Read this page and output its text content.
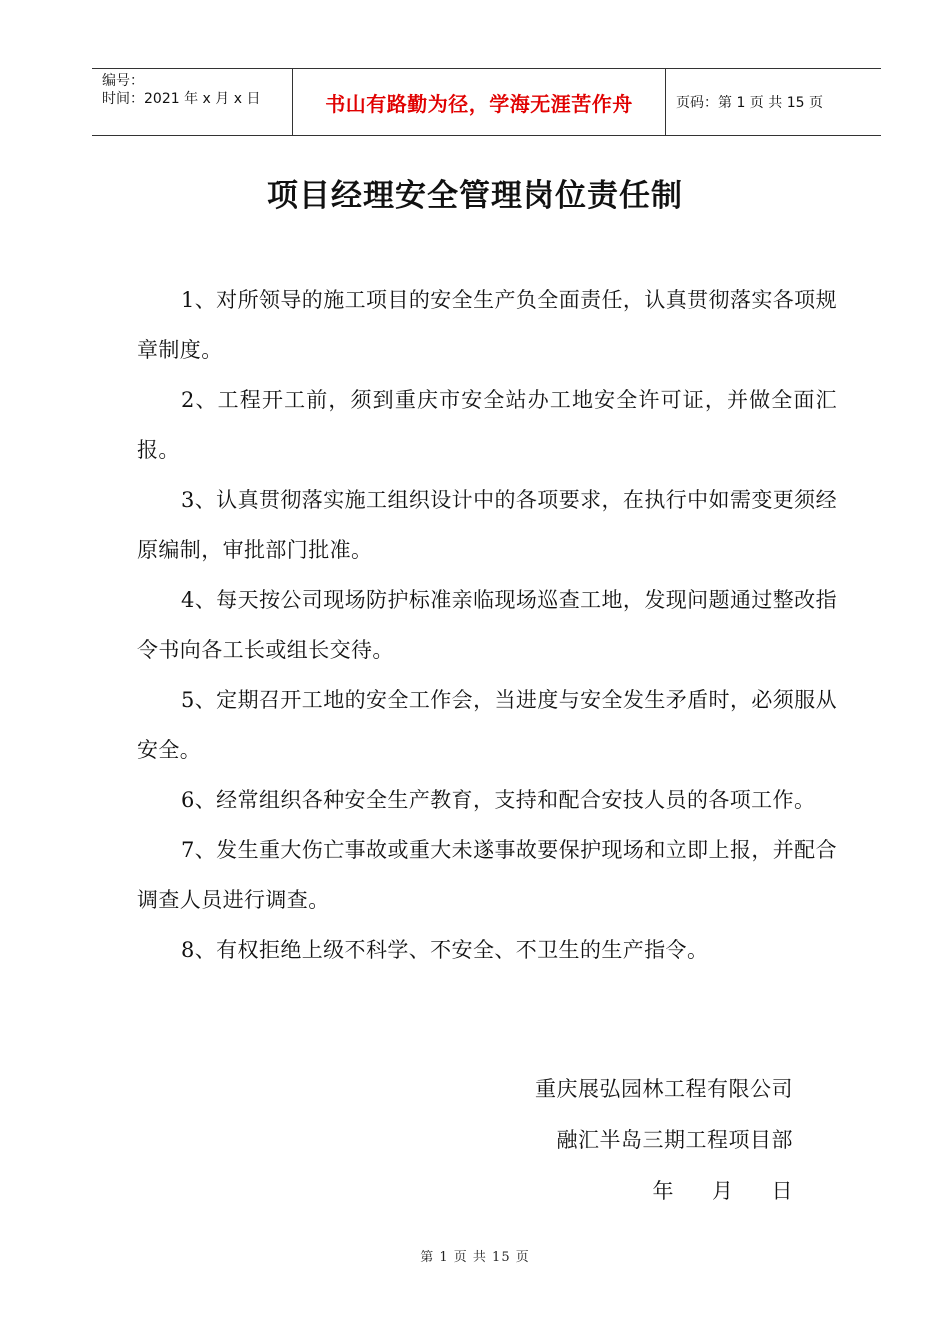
编号：
时间：2021 年 x 月 x 日	书山有路勤为径，学海无涯苦作舟	页码：第 1 页 共 15 页
项目经理安全管理岗位责任制

1、对所领导的施工项目的安全生产负全面责任，认真贯彻落实各项规章制度。

2、工程开工前，须到重庆市安全站办工地安全许可证，并做全面汇报。

3、认真贯彻落实施工组织设计中的各项要求，在执行中如需变更须经原编制，审批部门批准。

4、每天按公司现场防护标准亲临现场巡查工地，发现问题通过整改指令书向各工长或组长交待。

5、定期召开工地的安全工作会，当进度与安全发生矛盾时，必须服从安全。

6、经常组织各种安全生产教育，支持和配合安技人员的各项工作。

7、发生重大伤亡事故或重大未遂事故要保护现场和立即上报，并配合调查人员进行调查。

8、有权拒绝上级不科学、不安全、不卫生的生产指令。

重庆展弘园林工程有限公司
融汇半岛三期工程项目部
年 月 日
第 1 页 共 15 页
